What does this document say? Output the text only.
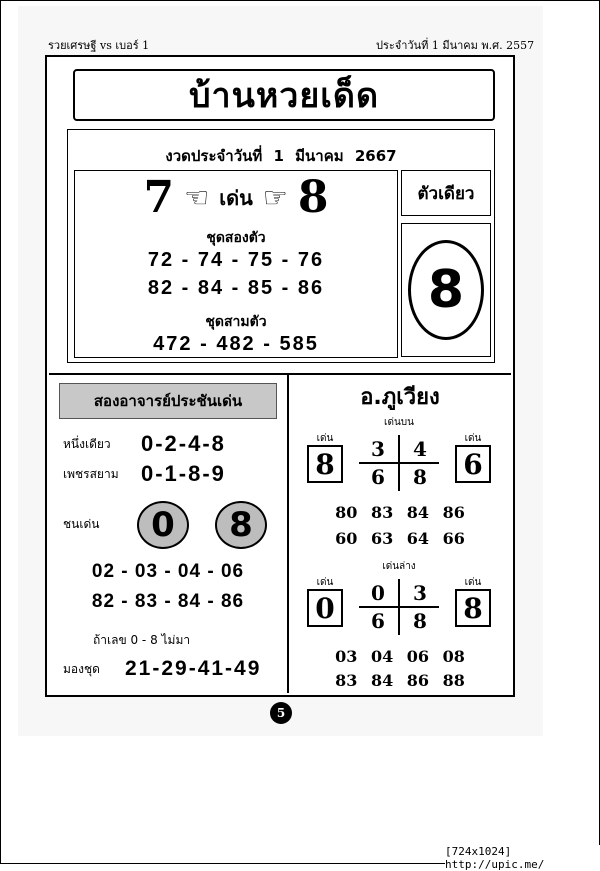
รวยเศรษฐี vs เบอร์ 1	ประจำวันที่ 1 มีนาคม พ.ศ. 2557
บ้านหวยเด็ด
งวดประจำวันที่ 1 มีนาคม 2667
7 ☜ เด่น ☞ 8
ชุดสองตัว
72 - 74 - 75 - 76
82 - 84 - 85 - 86
ชุดสามตัว
472 - 482 - 585
ตัวเดียว
8
สองอาจารย์ประชันเด่น
หนึ่งเดียว	0-2-4-8
เพชรสยาม	0-1-8-9
ชนเด่น	0	8
02 - 03 - 04 - 06
82 - 83 - 84 - 86
ถ้าเลข 0 - 8 ไม่มา
มองชุด	21-29-41-49
อ.ภูเวียง
เด่นบน
เด่น	เด่น
8	6
3	4
6	8
80 83 84 86
60 63 64 66
เด่นล่าง
เด่น	เด่น
0	8
0	3
6	8
03 04 06 08
83 84 86 88
5
[724x1024] http://upic.me/
